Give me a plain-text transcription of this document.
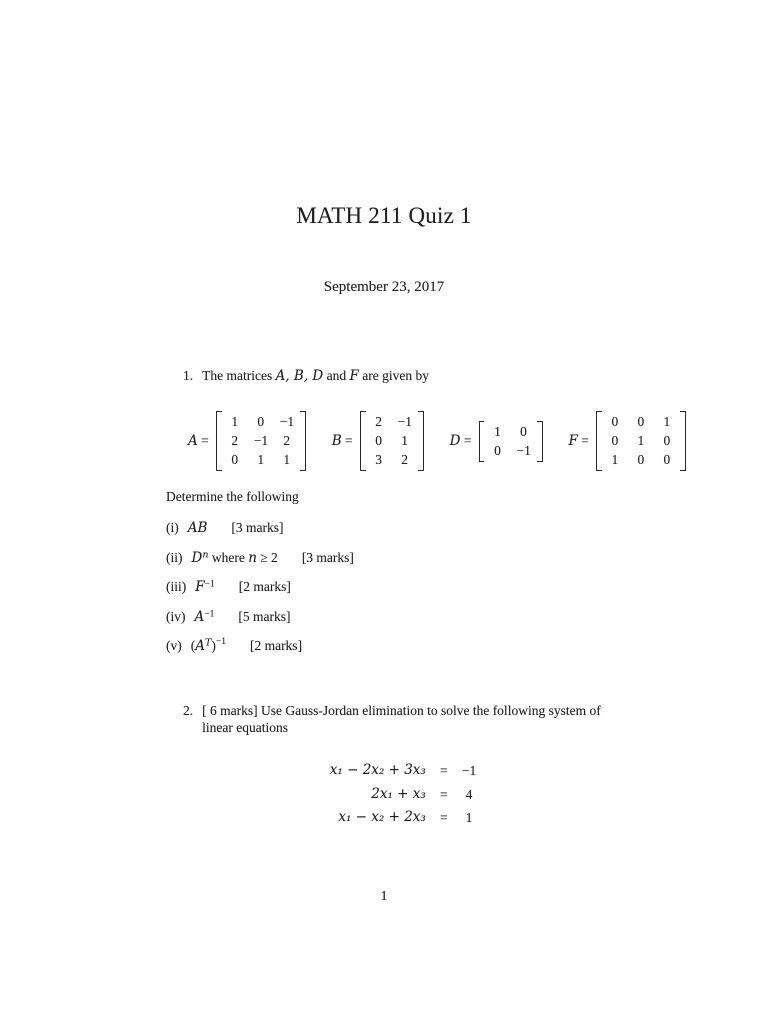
MATH 211 Quiz 1
September 23, 2017
1. The matrices A, B, D and F are given by
A =
1 0 −1
2 −1 2
0 1 1
B =
2 −1
0 1
3 2
D =
1 0
0 −1
F =
0 0 1
0 1 0
1 0 0
Determine the following
(i) AB [3 marks]
(ii) $D^n$ where n ≥ 2 [3 marks]
(iii) $F^{-1}$ [2 marks]
(iv) $A^{-1}$ [5 marks]
(v) $(A^T)^{-1}$ [2 marks]
2. [ 6 marks] Use Gauss-Jordan elimination to solve the following system of linear equations
x₁ − 2x₂ + 3x₃	=	−1
2x₁ + x₃	=	4
x₁ − x₂ + 2x₃	=	1
1
